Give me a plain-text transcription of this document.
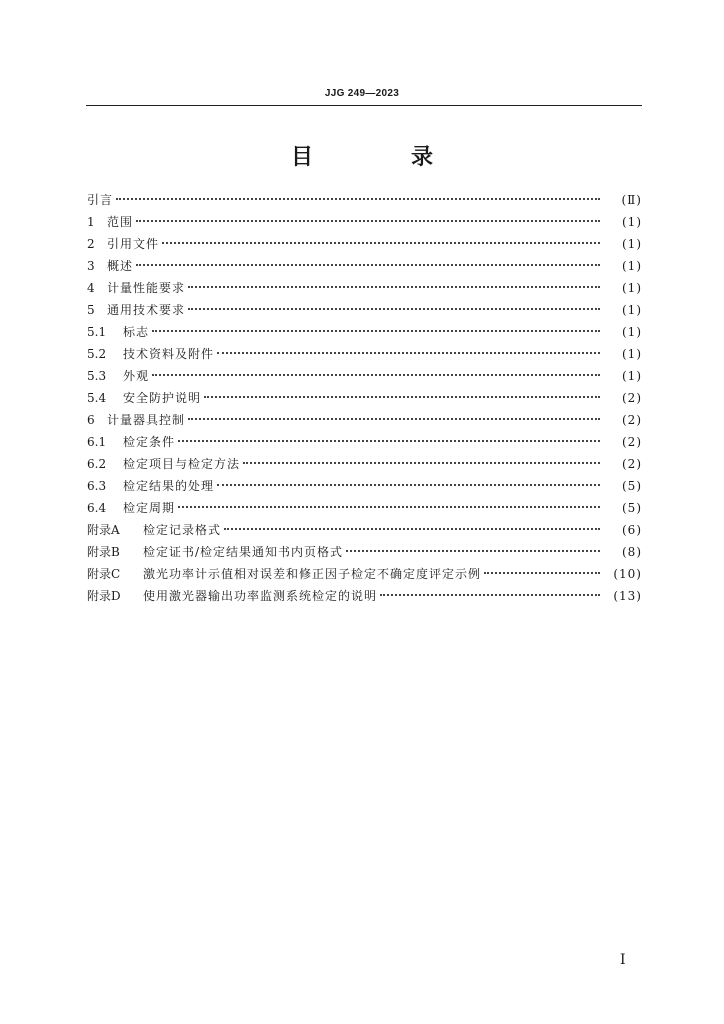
JJG 249—2023
目　录
引言	(Ⅱ)
1	范围	(1)
2	引用文件	(1)
3	概述	(1)
4	计量性能要求	(1)
5	通用技术要求	(1)
5.1	标志	(1)
5.2	技术资料及附件	(1)
5.3	外观	(1)
5.4	安全防护说明	(2)
6	计量器具控制	(2)
6.1	检定条件	(2)
6.2	检定项目与检定方法	(2)
6.3	检定结果的处理	(5)
6.4	检定周期	(5)
附录A	检定记录格式	(6)
附录B	检定证书/检定结果通知书内页格式	(8)
附录C	激光功率计示值相对误差和修正因子检定不确定度评定示例	(10)
附录D	使用激光器输出功率监测系统检定的说明	(13)
I
